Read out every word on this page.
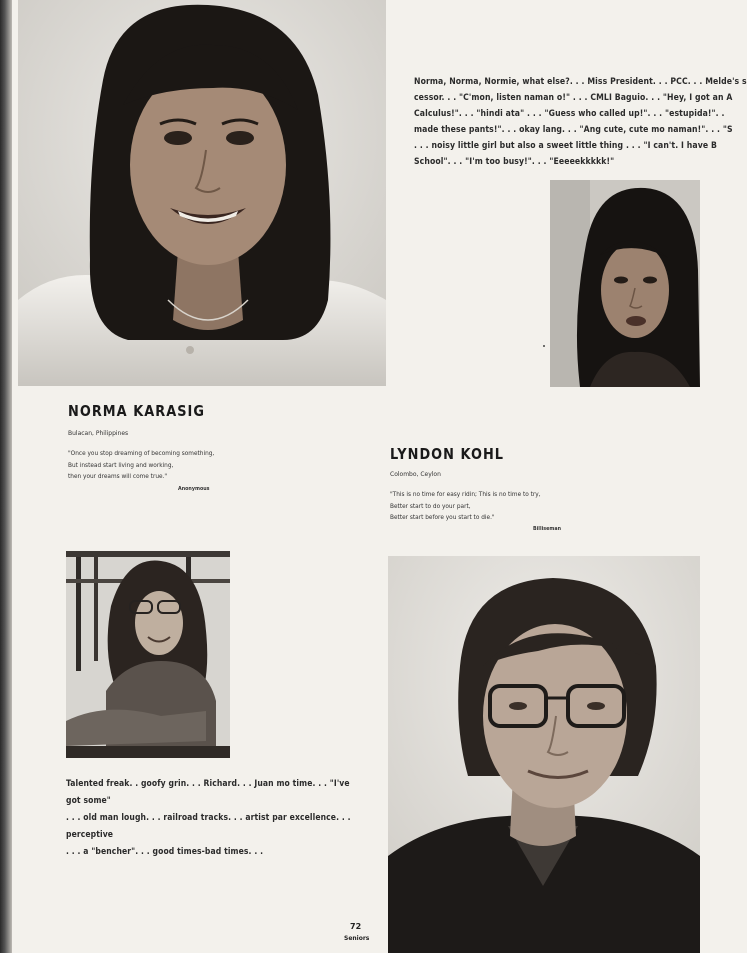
Norma, Norma, Normie, what else?. . . Miss President. . . PCC. . . Melde's s
cessor. . . "C'mon, listen naman o!" . . . CMLI Baguio. . . "Hey, I got an A
Calculus!". . . "hindi ata" . . . "Guess who called up!". . . "estupida!". .
made these pants!". . . okay lang. . . "Ang cute, cute mo naman!". . . "S
. . . noisy little girl but also a sweet little thing . . . "I can't. I have B
School". . . "I'm too busy!". . . "Eeeeekkkkk!"
NORMA KARASIG
Bulacan, Philippines
"Once you stop dreaming of becoming something,
But instead start living and working,
then your dreams will come true."
Anonymous
LYNDON KOHL
Colombo, Ceylon
"This is no time for easy ridin; This is no time to try,
Better start to do your part,
Better start before you start to die."
Billiseman
Talented freak. . goofy grin. . . Richard. . . Juan mo time. . . "I've got some"
. . . old man lough. . . railroad tracks. . . artist par excellence. . . perceptive
. . . a "bencher". . . good times-bad times. . .
72
Seniors
